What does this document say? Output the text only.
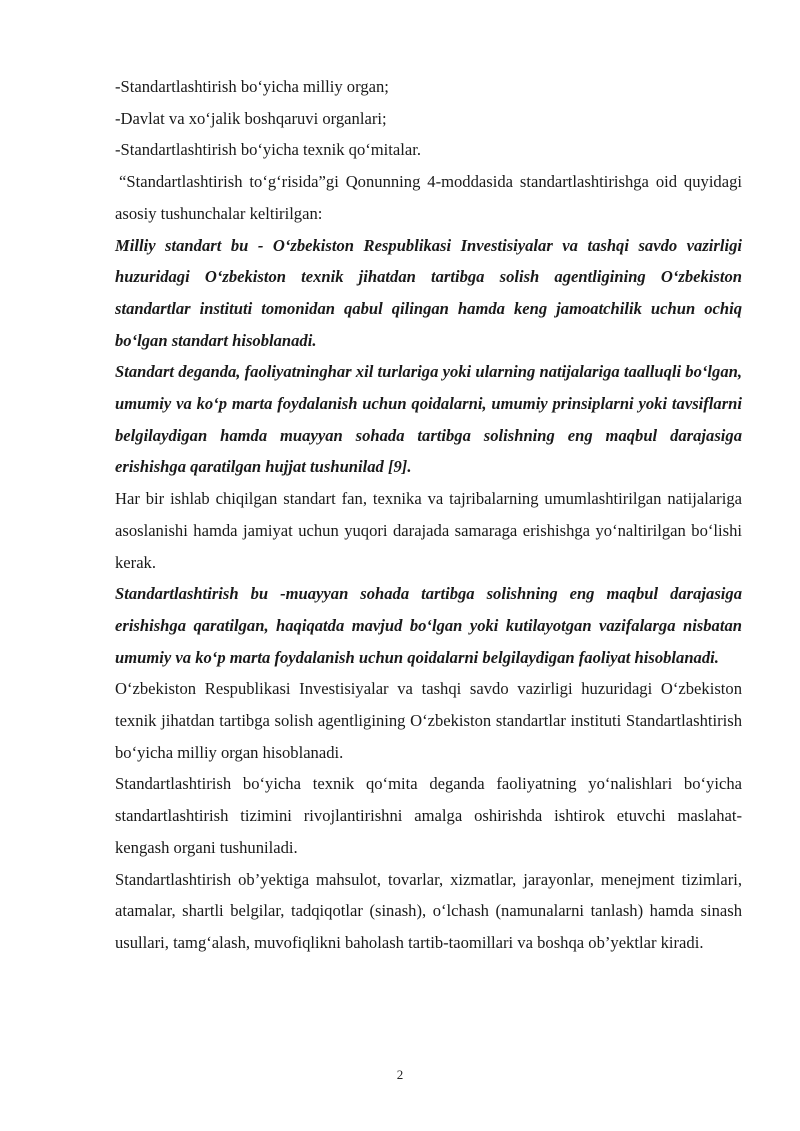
-Standartlashtirish bo‘yicha milliy organ;

-Davlat va xo‘jalik boshqaruvi organlari;

-Standartlashtirish bo‘yicha texnik qo‘mitalar.

“Standartlashtirish to‘g‘risida”gi Qonunning 4-moddasida standartlashtirishga oid quyidagi asosiy tushunchalar keltirilgan:

Milliy standart bu - O‘zbekiston Respublikasi Investisiyalar va tashqi savdo vazirligi huzuridagi O‘zbekiston texnik jihatdan tartibga solish agentligining O‘zbekiston standartlar instituti tomonidan qabul qilingan hamda keng jamoatchilik uchun ochiq bo‘lgan standart hisoblanadi.

Standart deganda, faoliyatninghar xil turlariga yoki ularning natijalariga taalluqli bo‘lgan, umumiy va ko‘p marta foydalanish uchun qoidalarni, umumiy prinsiplarni yoki tavsiflarni belgilaydigan hamda muayyan sohada tartibga solishning eng maqbul darajasiga erishishga qaratilgan hujjat tushunilad [9].

Har bir ishlab chiqilgan standart fan, texnika va tajribalarning umumlashtirilgan natijalariga asoslanishi hamda jamiyat uchun yuqori darajada samaraga erishishga yo‘naltirilgan bo‘lishi kerak.

Standartlashtirish bu -muayyan sohada tartibga solishning eng maqbul darajasiga erishishga qaratilgan, haqiqatda mavjud bo‘lgan yoki kutilayotgan vazifalarga nisbatan umumiy va ko‘p marta foydalanish uchun qoidalarni belgilaydigan faoliyat hisoblanadi.

O‘zbekiston Respublikasi Investisiyalar va tashqi savdo vazirligi huzuridagi O‘zbekiston texnik jihatdan tartibga solish agentligining O‘zbekiston standartlar instituti Standartlashtirish bo‘yicha milliy organ hisoblanadi.

Standartlashtirish bo‘yicha texnik qo‘mita deganda faoliyatning yo‘nalishlari bo‘yicha standartlashtirish tizimini rivojlantirishni amalga oshirishda ishtirok etuvchi maslahat-kengash organi tushuniladi.

Standartlashtirish ob’yektiga mahsulot, tovarlar, xizmatlar, jarayonlar, menejment tizimlari, atamalar, shartli belgilar, tadqiqotlar (sinash), o‘lchash (namunalarni tanlash) hamda sinash usullari, tamg‘alash, muvofiqlikni baholash tartib-taomillari va boshqa ob’yektlar kiradi.

2
